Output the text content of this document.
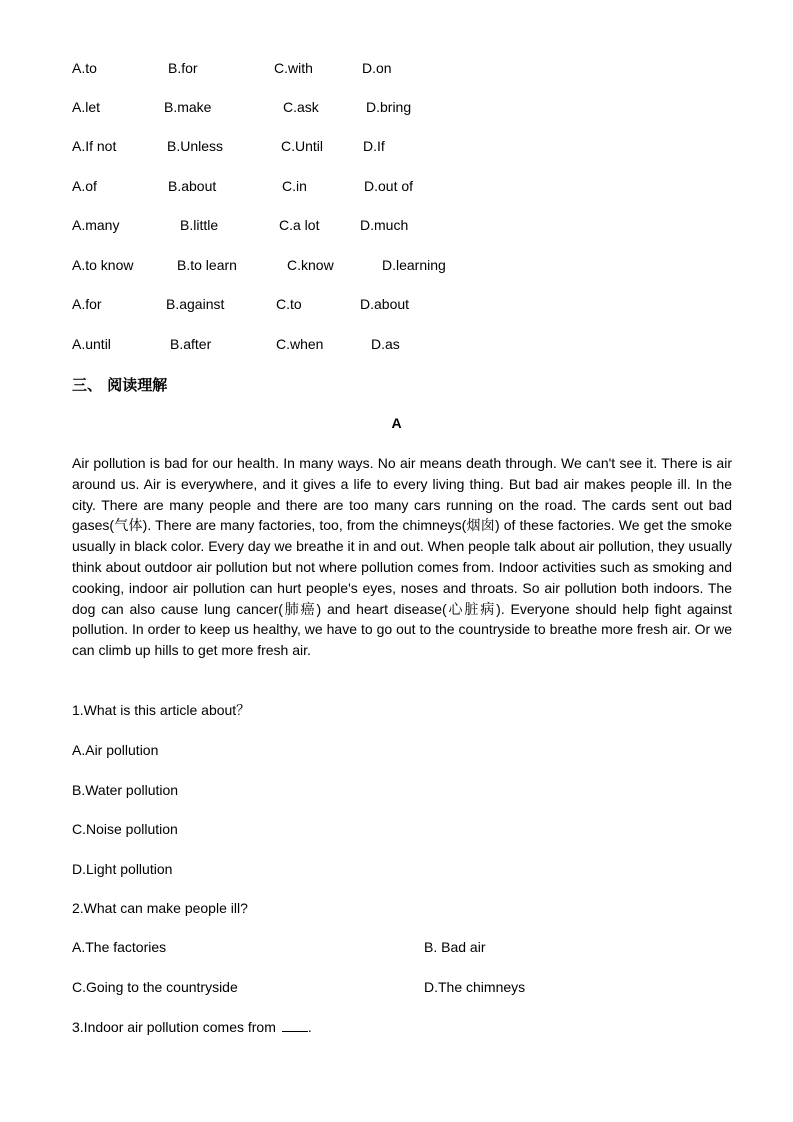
A.to	B.for	C.with	D.on
A.let	B.make	C.ask	D.bring
A.If not	B.Unless	C.Until	D.If
A.of	B.about	C.in	D.out of
A.many	B.little	C.a lot	D.much
A.to know	B.to learn	C.know	D.learning
A.for	B.against	C.to	D.about
A.until	B.after	C.when	D.as
三、 阅读理解
A
Air pollution is bad for our health. In many ways. No air means death through. We can't see it. There is air around us. Air is everywhere, and it gives a life to every living thing. But bad air makes people ill. In the city. There are many people and there are too many cars running on the road. The cards sent out bad gases(气体). There are many factories, too, from the chimneys(烟囱) of these factories. We get the smoke usually in black color. Every day we breathe it in and out. When people talk about air pollution, they usually think about outdoor air pollution but not where pollution comes from. Indoor activities such as smoking and cooking, indoor air pollution can hurt people's eyes, noses and throats. So air pollution both indoors. The dog can also cause lung cancer(肺癌) and heart disease(心脏病). Everyone should help fight against pollution. In order to keep us healthy, we have to go out to the countryside to breathe more fresh air. Or we can climb up hills to get more fresh air.
1.What is this article about？
A.Air pollution
B.Water pollution
C.Noise pollution
D.Light pollution
2.What can make people ill?
A.The factories	B. Bad air
C.Going to the countryside	D.The chimneys
3.Indoor air pollution comes from .
